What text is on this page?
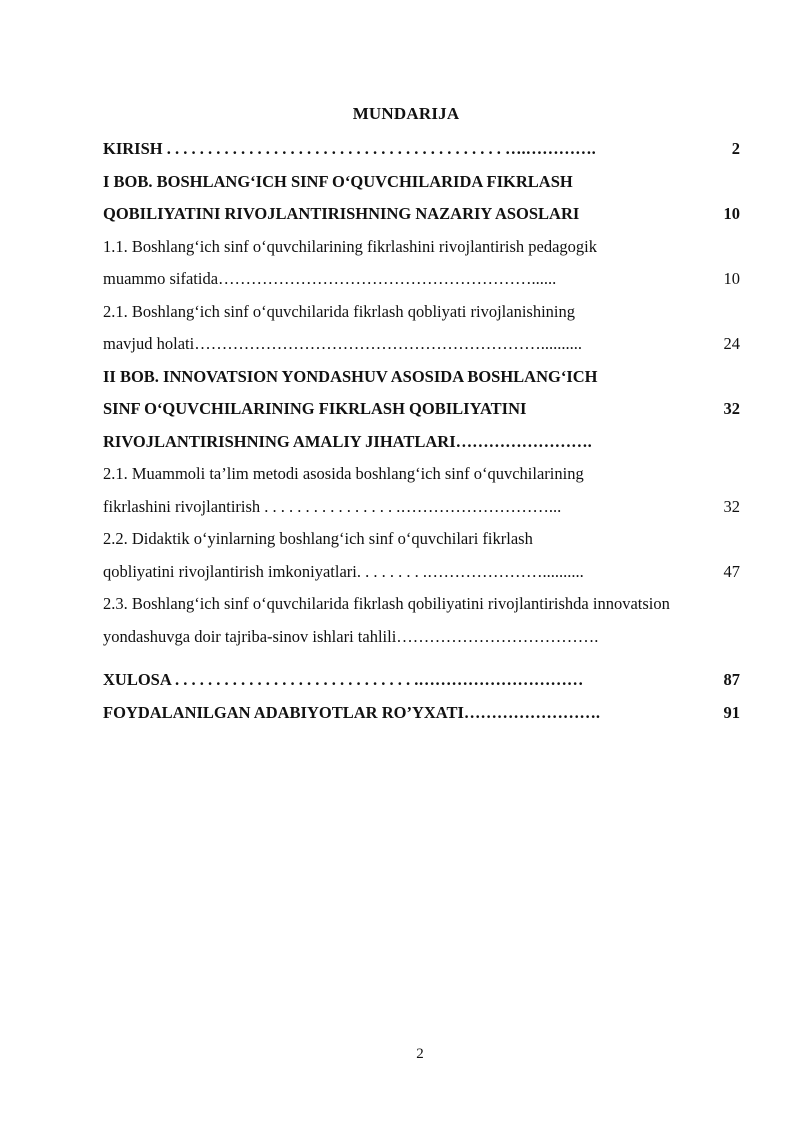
MUNDARIJA
KIRISH . . . . . . . . . . . . . . . . . . . . . . . . . . . . . . . . . . . . . . . . . ….………….	2
I BOB. BOSHLANG‘ICH SINF O‘QUVCHILARIDA FIKRLASH
QOBILIYATINI RIVOJLANTIRISHNING NAZARIY ASOSLARI	10
1.1. Boshlang‘ich sinf o‘quvchilarining fikrlashini rivojlantirish pedagogik
muammo sifatida…………………………………………………......	10
2.1. Boshlang‘ich sinf o‘quvchilarida fikrlash qobliyati rivojlanishining
mavjud holati………………………………………………………..........	24
II BOB. INNOVATSION YONDASHUV ASOSIDA BOSHLANG‘ICH
SINF O‘QUVCHILARINING FIKRLASH QOBILIYATINI	32
RIVOJLANTIRISHNING AMALIY JIHATLARI…………………….
2.1. Muammoli ta’lim metodi asosida boshlang‘ich sinf o‘quvchilarining
fikrlashini rivojlantirish . . . . . . . . . . . . . . . . .………………………...	32
2.2. Didaktik o‘yinlarning boshlang‘ich sinf o‘quvchilari fikrlash
qobliyatini rivojlantirish imkoniyatlari. . . . . . . . .…………………..........	47
2.3. Boshlang‘ich sinf o‘quvchilarida fikrlash qobiliyatini rivojlantirishda innovatsion
yondashuvga doir tajriba-sinov ishlari tahlili……………………………….
XULOSA . . . . . . . . . . . . . . . . . . . . . . . . . . . . . .…………………………	87
FOYDALANILGAN ADABIYOTLAR RO’YXATI…………………….	91
2
